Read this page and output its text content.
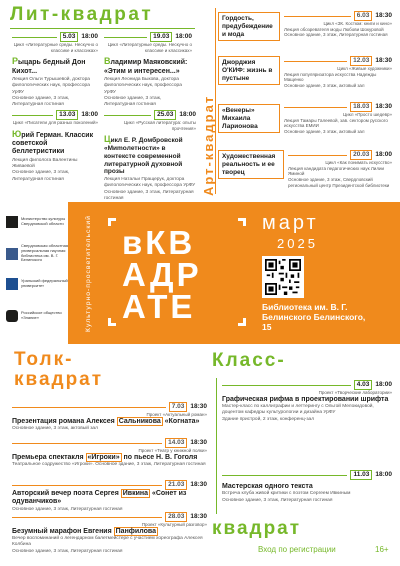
Лит-квадрат
5.03 18:00
Цикл «Литературные среды. Нескучно о классике и классиках»
Рыцарь бедный Дон Кихот...
Лекция Ольги Турышевой, доктора филологических наук, профессора УрФУ
Основное здание, 3 этаж, Литературная гостиная
19.03 18:00
Цикл «Литературные среды. Нескучно о классике и классиках»
Владимир Маяковский: «Этим и интересен...»
Лекция Леонида Быкова, доктора филологических наук, профессора УрФУ
Основное здание, 3 этаж, Литературная гостиная
13.03 18:00
Цикл «Писатели для разных поколений»
Юрий Герман. Классик советской беллетристики
Лекция филолога Валентины Живаевой
Основное здание, 3 этаж, Литературная гостиная
25.03 18:00
Цикл «Русская литература: опыты прочтения»
Цикл Е. Р. Домбровской «Миmoлетности» в контексте современной литературной духовной прозы
Лекция Натальи Пращерук, доктора филологических наук, профессора УрФУ
Основное здание, 3 этаж, Литературная гостиная
Арт-квадрат
Гордость, предубеждение и мода
6.03 18:30
Цикл «ЗК. Костюм: книги и кино»
Лекция обозревателя моды Любови Шокуровой
Основное здание, 3 этаж, Литературная гостиная
Джорджия О'КИФ: жизнь в пустыне
12.03 18:30
Цикл «Живые художники»
Лекция популяризатора искусства Надежды Мащенко
Основное здание, 3 этаж, актовый зал
«Венеры» Михаила Ларионова
18.03 18:30
Цикл «Просто шедевр»
Лекция Тамары Галеевой, зав. сектором русского искусства ЕМИИ
Основное здание, 3 этаж, актовый зал
Художественная реальность и ее творец
20.03 18:00
Цикл «Как понимать искусство»
Лекция кандидата педагогических наук Лилии Яминой
Основное здание, 3 этаж, Свердловский региональный центр Президентской библиотеки
Министерство культуры Свердловской области
Свердловская областная универсальная научная библиотека им. В. Г. Белинского
Уральский федеральный университет
Российское общество «Знание»	Культурно-просветительский вКВ
АДР
АТЕ
март
2025
Библиотека им. В. Г. Белинского Белинского, 15
Толк-
квадрат
Класс-
квадрат
7.03 18:30
Проект «Актуальный роман»
Презентация романа Алексея Сальникова «Когната»
Основное здание, 3 этаж, актовый зал
14.03 18:30
Проект «Театр у книжной полки»
Премьера спектакля «Игроки» по пьесе Н. В. Гоголя
Театральное содружество «Игроки». Основное здание, 3 этаж, Литературная гостиная
21.03 18:30
Авторский вечер поэта Сергея Ивкина «Сонет из одуванчиков»
Основное здание, 3 этаж, Литературная гостиная
28.03 18:30
Проект «Культурный разговор»
Безумный марафон Евгения Панфилова
Вечер воспоминаний о легендарном балетмейстере с участием хореографа Алексея Колбина
Основное здание, 3 этаж, Литературная гостиная
4.03 18:00
Проект «Творческие лаборатории»
Графическая рифма в проектировании шрифта
Мастер-класс по каллиграфии и леттерингу с Ольгой Мелокидовой, доцентом кафедры культурологии и дизайна УрФУ
Здание пристрой, 2 этаж, конференц-зал
11.03 18:00
Мастерская одного текста
Встреча клуба живой критики с поэтом Сергеем Ивкиным
Основное здание, 3 этаж, Литературная гостиная
Вход по регистрации	16+
